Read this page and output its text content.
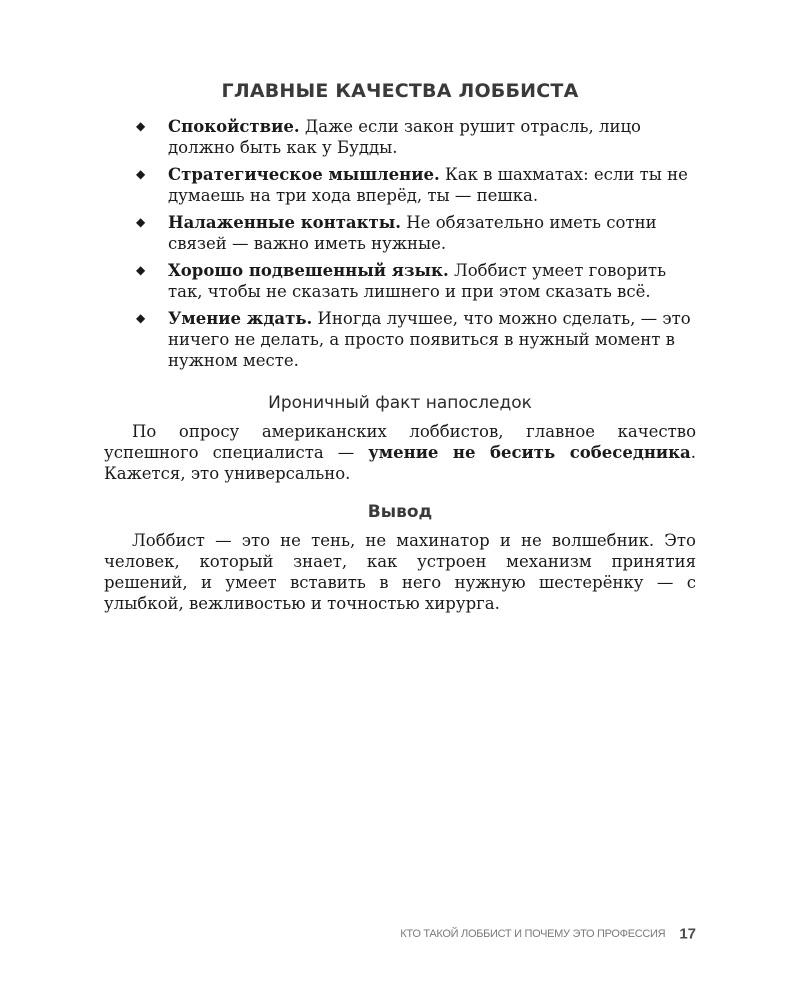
ГЛАВНЫЕ КАЧЕСТВА ЛОББИСТА
◆ Спокойствие. Даже если закон рушит отрасль, лицо должно быть как у Будды.
◆ Стратегическое мышление. Как в шахматах: если ты не думаешь на три хода вперёд, ты — пешка.
◆ Налаженные контакты. Не обязательно иметь сотни связей — важно иметь нужные.
◆ Хорошо подвешенный язык. Лоббист умеет говорить так, чтобы не сказать лишнего и при этом сказать всё.
◆ Умение ждать. Иногда лучшее, что можно сделать, — это ничего не делать, а просто появиться в нужный момент в нужном месте.
Ироничный факт напоследок

По опросу американских лоббистов, главное качество успешного специалиста — умение не бесить собеседника. Кажется, это универсально.

Вывод

Лоббист — это не тень, не махинатор и не волшебник. Это человек, который знает, как устроен механизм принятия решений, и умеет вставить в него нужную шестерёнку — с улыбкой, вежливостью и точностью хирурга.

КТО ТАКОЙ ЛОББИСТ И ПОЧЕМУ ЭТО ПРОФЕССИЯ 17
